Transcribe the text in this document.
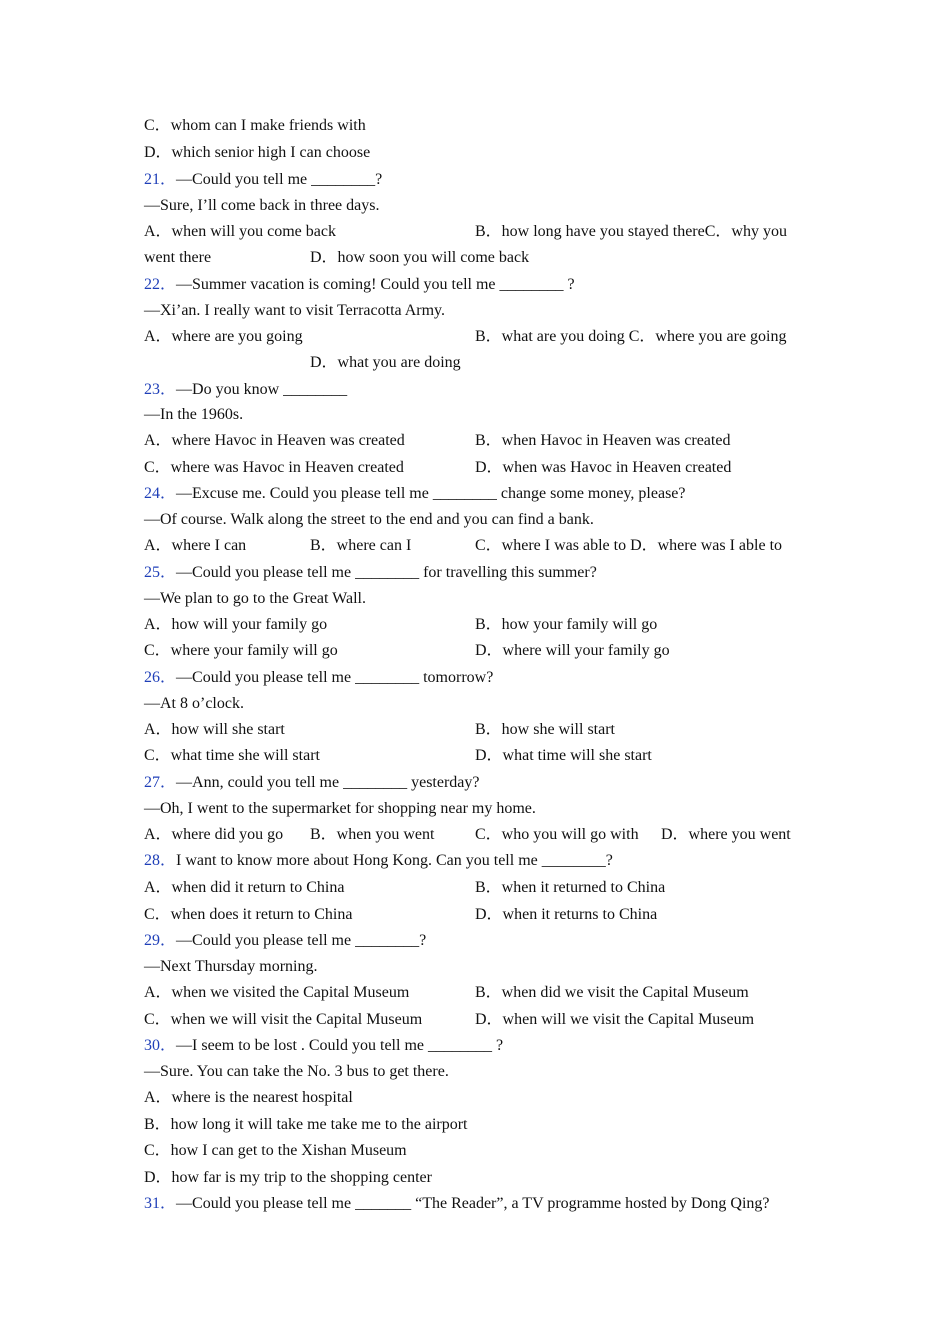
C．whom can I make friends with
D．which senior high I can choose
21．—Could you tell me ________?
—Sure, I’ll come back in three days.
A．when will you come back	B．how long have you stayed thereC．why you
went there	D．how soon you will come back
22．—Summer vacation is coming! Could you tell me ________ ?
—Xi’an. I really want to visit Terracotta Army.
A．where are you going	B．what are you doing C．where you are going
D．what you are doing
23．—Do you know ________
—In the 1960s.
A．where Havoc in Heaven was created	B．when Havoc in Heaven was created
C．where was Havoc in Heaven created	D．when was Havoc in Heaven created
24．—Excuse me. Could you please tell me ________ change some money, please?
—Of course. Walk along the street to the end and you can find a bank.
A．where I can	B．where can I	C．where I was able to D．where was I able to
25．—Could you please tell me ________ for travelling this summer?
—We plan to go to the Great Wall.
A．how will your family go	B．how your family will go
C．where your family will go	D．where will your family go
26．—Could you please tell me ________ tomorrow?
—At 8 o’clock.
A．how will she start	B．how she will start
C．what time she will start	D．what time will she start
27．—Ann, could you tell me ________ yesterday?
—Oh, I went to the supermarket for shopping near my home.
A．where did you go B．when you went	C．who you will go with D．where you went
28．I want to know more about Hong Kong. Can you tell me ________?
A．when did it return to China	B．when it returned to China
C．when does it return to China	D．when it returns to China
29．—Could you please tell me ________?
—Next Thursday morning.
A．when we visited the Capital Museum	B．when did we visit the Capital Museum
C．when we will visit the Capital Museum	D．when will we visit the Capital Museum
30．—I seem to be lost . Could you tell me ________ ?
—Sure. You can take the No. 3 bus to get there.
A．where is the nearest hospital
B．how long it will take me take me to the airport
C．how I can get to the Xishan Museum
D．how far is my trip to the shopping center
31．—Could you please tell me _______ “The Reader”, a TV programme hosted by Dong Qing?
